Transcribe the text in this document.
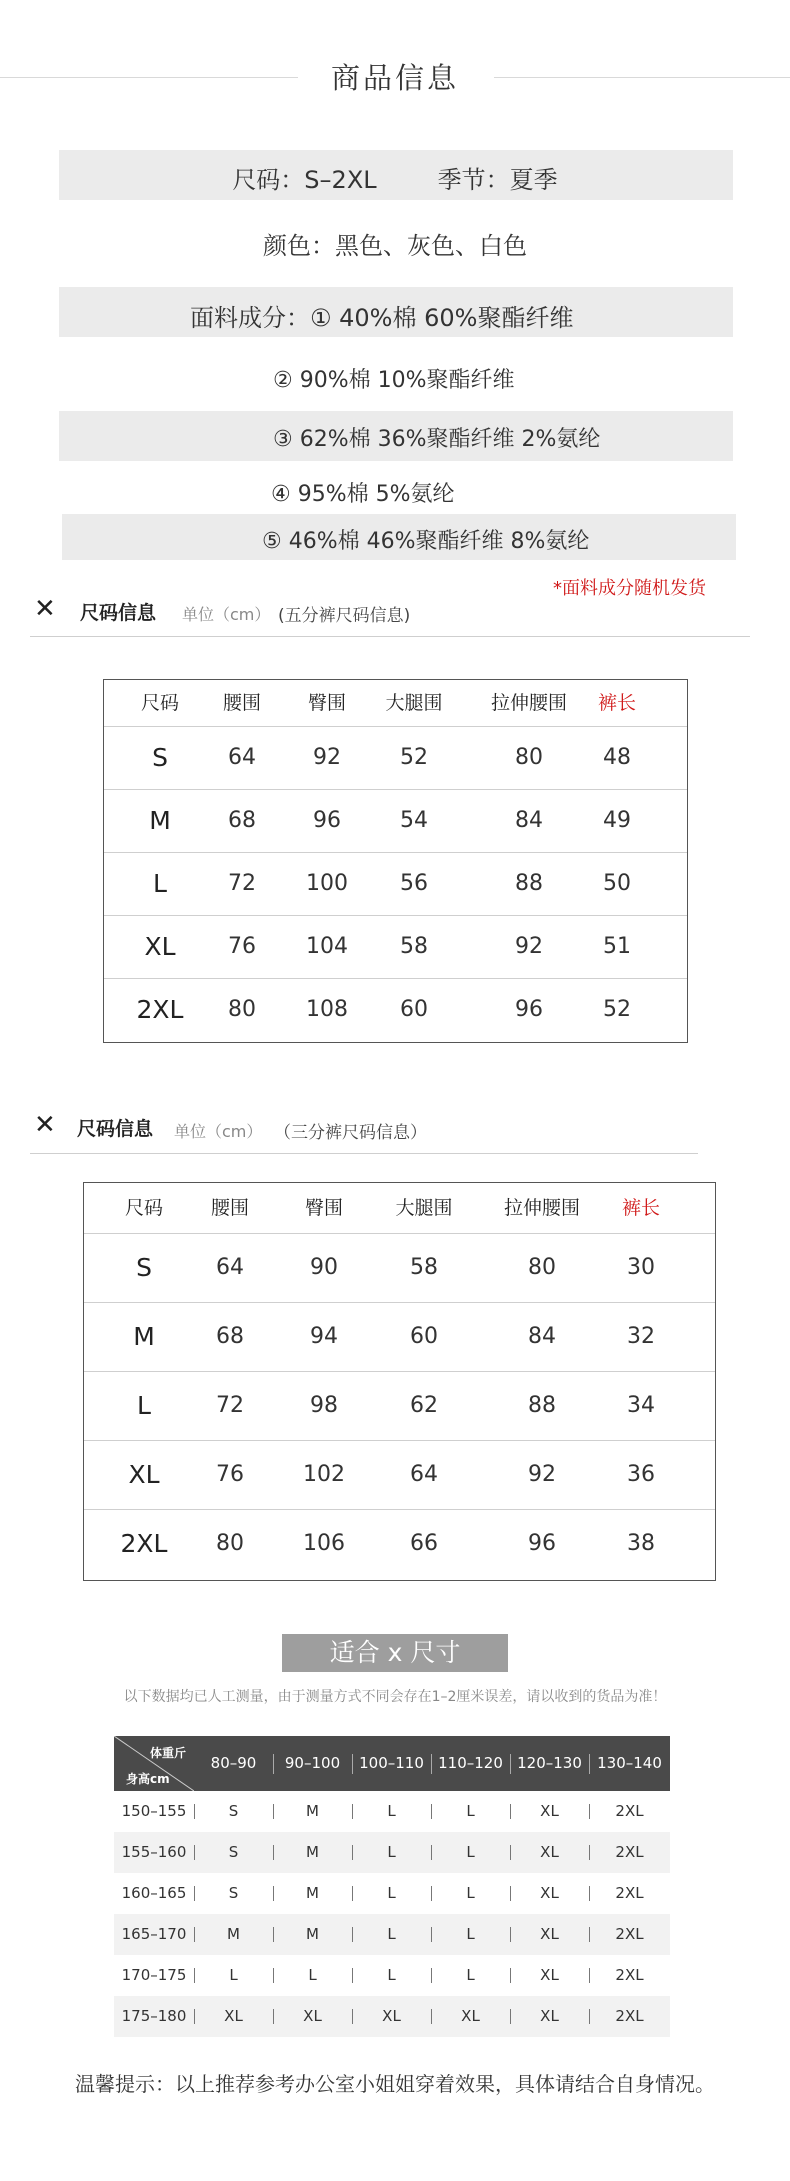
商品信息
尺码：S–2XL        季节：夏季
颜色：黑色、灰色、白色
面料成分：① 40%棉 60%聚酯纤维
② 90%棉 10%聚酯纤维
③ 62%棉 36%聚酯纤维 2%氨纶
④ 95%棉 5%氨纶
⑤ 46%棉 46%聚酯纤维 8%氨纶
*面料成分随机发货
✕ 尺码信息 单位（cm） (五分裤尺码信息)
尺码	腰围	臀围	大腿围	拉伸腰围	裤长
S	64	92	52	80	48
M	68	96	54	84	49
L	72	100	56	88	50
XL	76	104	58	92	51
2XL	80	108	60	96	52
✕ 尺码信息 单位（cm） （三分裤尺码信息）
尺码	腰围	臀围	大腿围	拉伸腰围	裤长
S	64	90	58	80	30
M	68	94	60	84	32
L	72	98	62	88	34
XL	76	102	64	92	36
2XL	80	106	66	96	38
适合 x 尺寸
以下数据均已人工测量，由于测量方式不同会存在1–2厘米误差，请以收到的货品为准！
体重斤
身高cm
80–90	90–100	100–110 110–120 120–130	130–140
150–155	S	M	L	L	XL	2XL
155–160	S	M	L	L	XL	2XL
160–165	S	M	L	L	XL	2XL
165–170	M	M	L	L	XL	2XL
170–175	L	L	L	L	XL	2XL
175–180	XL	XL	XL	XL	XL	2XL
温馨提示：以上推荐参考办公室小姐姐穿着效果，具体请结合自身情况。
